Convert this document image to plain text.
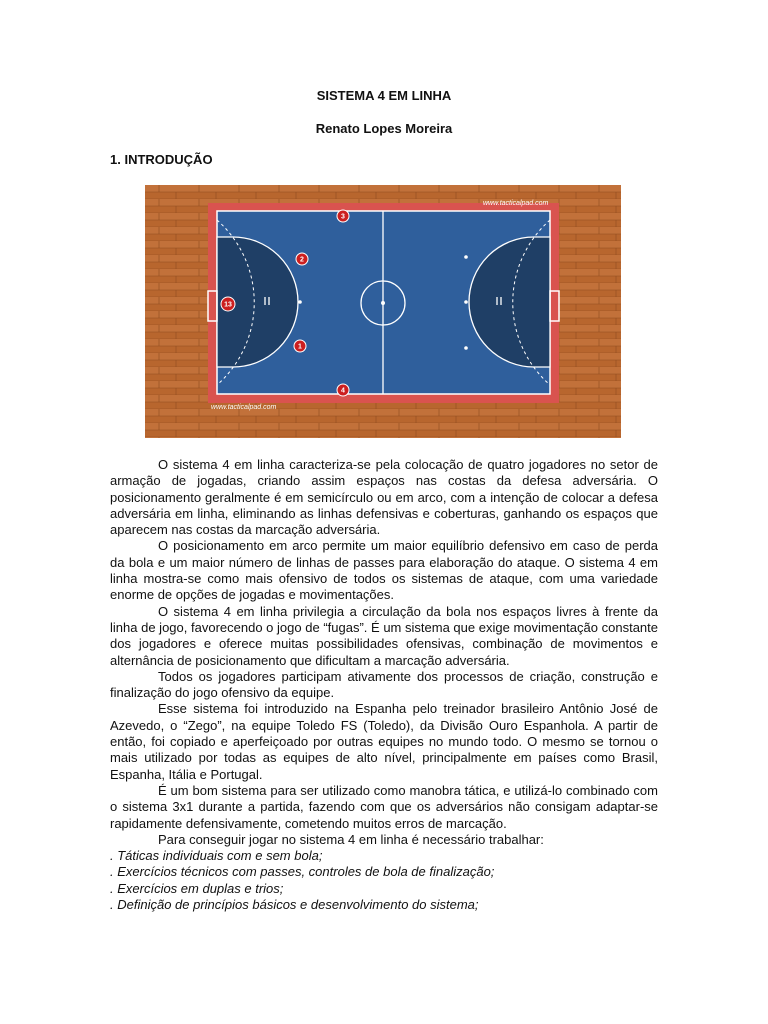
SISTEMA 4 EM LINHA
Renato Lopes Moreira
1. INTRODUÇÃO
www.tacticalpad.com
www.tacticalpad.com
3
2
13
1
4

O sistema 4 em linha caracteriza-se pela colocação de quatro jogadores no setor de armação de jogadas, criando assim espaços nas costas da defesa adversária. O posicionamento geralmente é em semicírculo ou em arco, com a intenção de colocar a defesa adversária em linha, eliminando as linhas defensivas e coberturas, ganhando os espaços que aparecem nas costas da marcação adversária.

O posicionamento em arco permite um maior equilíbrio defensivo em caso de perda da bola e um maior número de linhas de passes para elaboração do ataque. O sistema 4 em linha mostra-se como mais ofensivo de todos os sistemas de ataque, com uma variedade enorme de opções de jogadas e movimentações.

O sistema 4 em linha privilegia a circulação da bola nos espaços livres à frente da linha de jogo, favorecendo o jogo de “fugas”. É um sistema que exige movimentação constante dos jogadores e oferece muitas possibilidades ofensivas, combinação de movimentos e alternância de posicionamento que dificultam a marcação adversária.

Todos os jogadores participam ativamente dos processos de criação, construção e finalização do jogo ofensivo da equipe.

Esse sistema foi introduzido na Espanha pelo treinador brasileiro Antônio José de Azevedo, o “Zego”, na equipe Toledo FS (Toledo), da Divisão Ouro Espanhola. A partir de então, foi copiado e aperfeiçoado por outras equipes no mundo todo. O mesmo se tornou o mais utilizado por todas as equipes de alto nível, principalmente em países como Brasil, Espanha, Itália e Portugal.

É um bom sistema para ser utilizado como manobra tática, e utilizá-lo combinado com o sistema 3x1 durante a partida, fazendo com que os adversários não consigam adaptar-se rapidamente defensivamente, cometendo muitos erros de marcação.

Para conseguir jogar no sistema 4 em linha é necessário trabalhar:

. Táticas individuais com e sem bola;

. Exercícios técnicos com passes, controles de bola de finalização;

. Exercícios em duplas e trios;

. Definição de princípios básicos e desenvolvimento do sistema;
